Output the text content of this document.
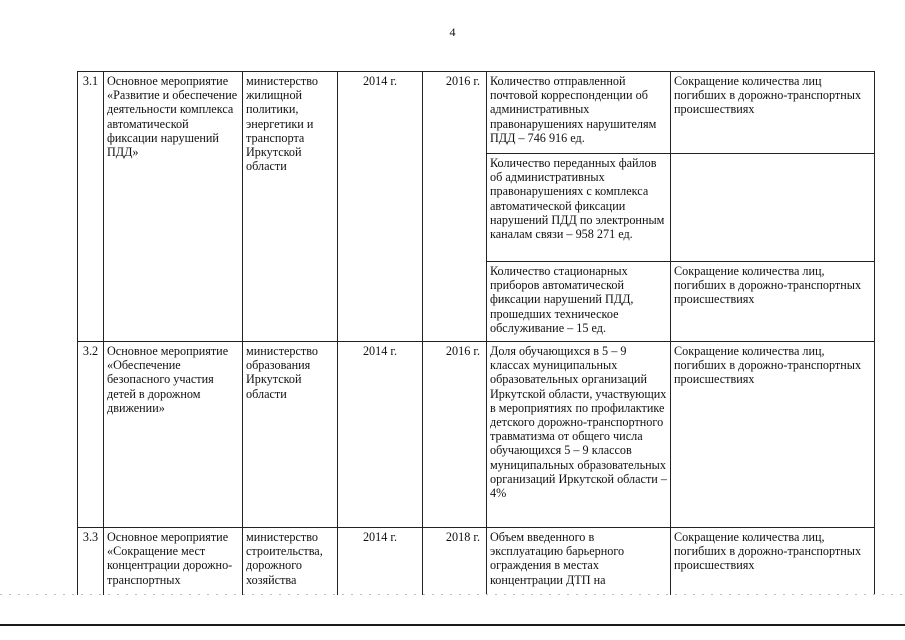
4
3.1	Основное мероприятие «Развитие и обеспечение деятельности комплекса автоматической фиксации нарушений ПДД»	министерство жилищной политики, энергетики и транспорта Иркутской области	2014 г.	2016 г.	Количество отправленной почтовой корреспонденции об административных правонарушениях нарушителям ПДД – 746 916 ед.	Сокращение количества лиц погибших в дорожно-транспортных происшествиях
					Количество переданных файлов об административных правонарушениях с комплекса автоматической фиксации нарушений ПДД по электронным каналам связи – 958 271 ед.	
					Количество стационарных приборов автоматической фиксации нарушений ПДД, прошедших техническое обслуживание – 15 ед.	Сокращение количества лиц, погибших в дорожно-транспортных происшествиях
3.2	Основное мероприятие «Обеспечение безопасного участия детей в дорожном движении»	министерство образования Иркутской области	2014 г.	2016 г.	Доля обучающихся в 5 – 9 классах муниципальных образовательных организаций Иркутской области, участвующих в мероприятиях по профилактике детского дорожно-транспортного травматизма от общего числа обучающихся 5 – 9 классов муниципальных образовательных организаций Иркутской области – 4%	Сокращение количества лиц, погибших в дорожно-транспортных происшествиях
3.3	Основное мероприятие «Сокращение мест концентрации дорожно-транспортных	министерство строительства, дорожного хозяйства	2014 г.	2018 г.	Объем введенного в эксплуатацию барьерного ограждения в местах концентрации ДТП на	Сокращение количества лиц, погибших в дорожно-транспортных происшествиях
